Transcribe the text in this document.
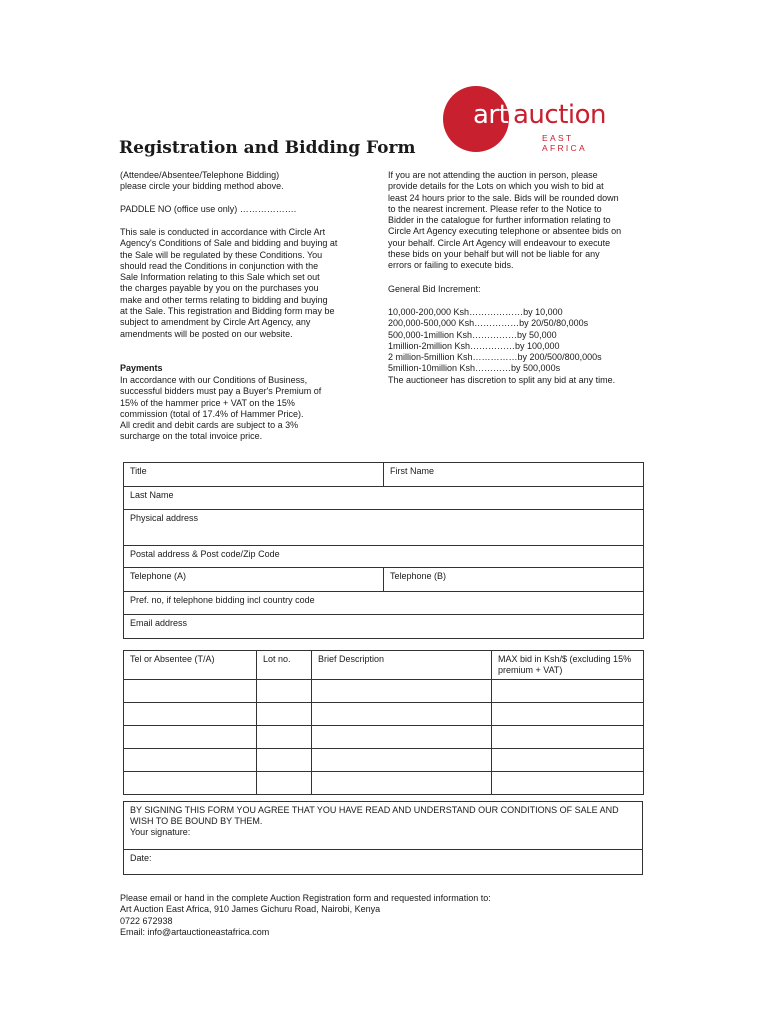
art auction
EAST AFRICA
Registration and Bidding Form
(Attendee/Absentee/Telephone Bidding)
please circle your bidding method above.
PADDLE NO (office use only) ……………….
This sale is conducted in accordance with Circle Art
Agency's Conditions of Sale and bidding and buying at
the Sale will be regulated by these Conditions. You
should read the Conditions in conjunction with the
Sale Information relating to this Sale which set out
the charges payable by you on the purchases you
make and other terms relating to bidding and buying
at the Sale. This registration and Bidding form may be
subject to amendment by Circle Art Agency, any
amendments will be posted on our website.
Payments
In accordance with our Conditions of Business,
successful bidders must pay a Buyer's Premium of
15% of the hammer price + VAT on the 15%
commission (total of 17.4% of Hammer Price).
All credit and debit cards are subject to a 3%
surcharge on the total invoice price.
If you are not attending the auction in person, please
provide details for the Lots on which you wish to bid at
least 24 hours prior to the sale. Bids will be rounded down
to the nearest increment. Please refer to the Notice to
Bidder in the catalogue for further information relating to
Circle Art Agency executing telephone or absentee bids on
your behalf. Circle Art Agency will endeavour to execute
these bids on your behalf but will not be liable for any
errors or failing to execute bids.
General Bid Increment:
10,000-200,000 Ksh………………by 10,000
200,000-500,000 Ksh……………by 20/50/80,000s
500,000-1million Ksh……………by 50,000
1million-2million Ksh……………by 100,000
2 million-5million Ksh……………by 200/500/800,000s
5million-10million Ksh…………by 500,000s
The auctioneer has discretion to split any bid at any time.
Title	First Name
Last Name	
Physical address	
Postal address & Post code/Zip Code	
Telephone (A)	Telephone (B)
Pref. no, if telephone bidding incl country code	
Email address	
Tel or Absentee (T/A)	Lot no.	Brief Description	MAX bid in Ksh/$ (excluding 15% premium + VAT)

BY SIGNING THIS FORM YOU AGREE THAT YOU HAVE READ AND UNDERSTAND OUR CONDITIONS OF SALE AND WISH TO BE BOUND BY THEM.
Your signature:

Date:
Please email or hand in the complete Auction Registration form and requested information to:
Art Auction East Africa, 910 James Gichuru Road, Nairobi, Kenya
0722 672938
Email: info@artauctioneastafrica.com
